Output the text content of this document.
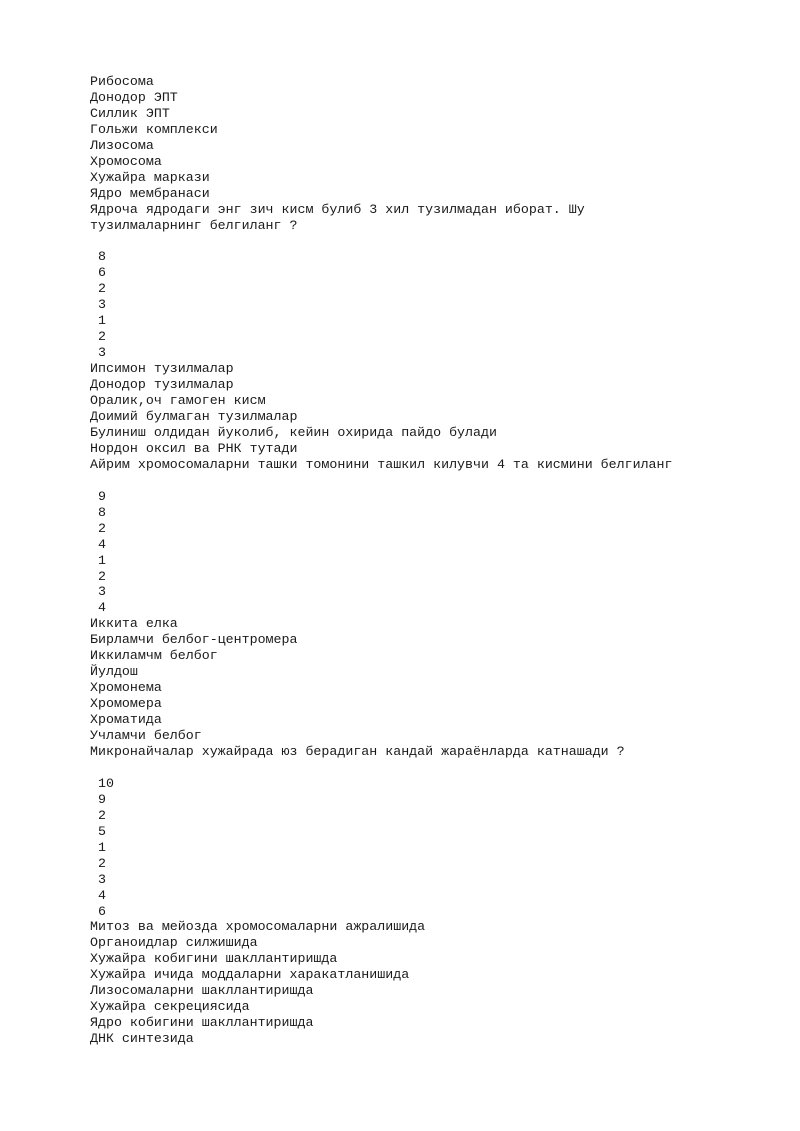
Рибосома
Донодор ЭПТ
Силлик ЭПТ
Гольжи комплекси
Лизосома
Хромосома
Хужайра маркази
Ядро мембранаси
Ядроча ядродаги энг зич кисм булиб 3 хил тузилмадан иборат. Шу
тузилмаларнинг белгиланг ?
8
6
2
3
1
2
3
Ипсимон тузилмалар
Донодор тузилмалар
Оралик,оч гамоген кисм
Доимий булмаган тузилмалар
Булиниш олдидан йуколиб, кейин охирида пайдо булади
Нордон оксил ва РНК тутади
Айрим хромосомаларни ташки томонини ташкил килувчи 4 та кисмини белгиланг
9
8
2
4
1
2
3
4
Иккита елка
Бирламчи белбог-центромера
Иккиламчм белбог
Йулдош
Хромонема
Хромомера
Хроматида
Учламчи белбог
Микронайчалар хужайрада юз берадиган кандай жараёнларда катнашади ?
10
9
2
5
1
2
3
4
6
Митоз ва мейозда хромосомаларни ажралишида
Органоидлар силжишида
Хужайра кобигини шакллантиришда
Хужайра ичида моддаларни харакатланишида
Лизосомаларни шакллантиришда
Хужайра секрециясида
Ядро кобигини шакллантиришда
ДНК синтезида
